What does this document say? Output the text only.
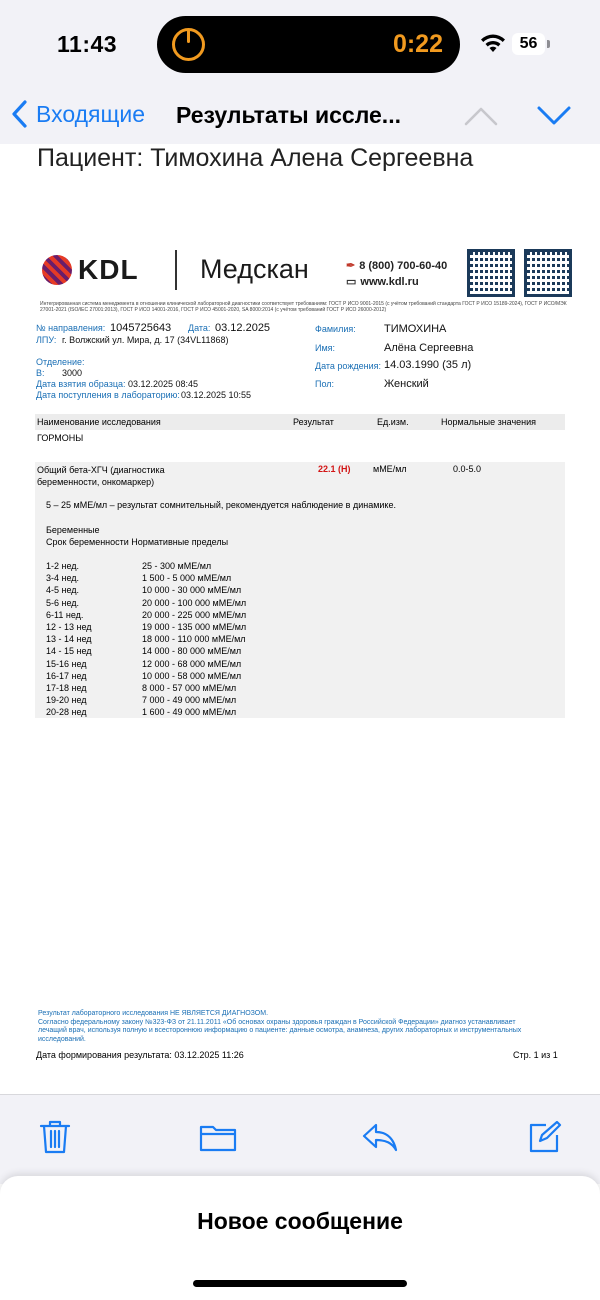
11:43	0:22	56
Входящие Результаты иссле...
Пациент: Тимохина Алена Сергеевна
KDL Медскан
✒	8 (800) 700-60-40
▭ www.kdl.ru
Интегрированная система менеджмента в отношении клинической лабораторной диагностики соответствует требованиям: ГОСТ Р ИСО 9001-2015 (с учётом требований стандарта ГОСТ Р ИСО 15189-2024), ГОСТ Р ИСО/МЭК 27001-2021 (ISO/IEC 27001:2013), ГОСТ Р ИСО 14001-2016, ГОСТ Р ИСО 45001-2020, SA 8000:2014 (с учётом требований ГОСТ Р ИСО 26000-2012)
№ направления: 1045725643 Дата: 03.12.2025
ЛПУ: г. Волжский ул. Мира, д. 17 (34VL11868)
Отделение:
В: 3000
Дата взятия образца: 03.12.2025 08:45
Дата поступления в лабораторию: 03.12.2025 10:55
Фамилия:	ТИМОХИНА
Имя:	Алёна Сергеевна
Дата рождения: 14.03.1990 (35 л)
Пол:	Женский
Наименование исследования	Результат	Ед.изм.	Нормальные значения
ГОРМОНЫ
Общий бета-ХГЧ (диагностика беременности, онкомаркер)
22.1 (Н) мМЕ/мл	0.0-5.0
5 – 25 мМЕ/мл – результат сомнительный, рекомендуется наблюдение в динамике.
Беременные
Срок беременности Нормативные пределы
1-2 нед.	25 - 300 мМЕ/мл
3-4 нед.	1 500 - 5 000 мМЕ/мл
4-5 нед.	10 000 - 30 000 мМЕ/мл
5-6 нед.	20 000 - 100 000 мМЕ/мл
6-11 нед.	20 000 - 225 000 мМЕ/мл
12 - 13 нед	19 000 - 135 000 мМЕ/мл
13 - 14 нед	18 000 - 110 000 мМЕ/мл
14 - 15 нед	14 000 - 80 000 мМЕ/мл
15-16 нед	12 000 - 68 000 мМЕ/мл
16-17 нед	10 000 - 58 000 мМЕ/мл
17-18 нед	8 000 - 57 000 мМЕ/мл
19-20 нед	7 000 - 49 000 мМЕ/мл
20-28 нед	1 600 - 49 000 мМЕ/мл
Результат лабораторного исследования НЕ ЯВЛЯЕТСЯ ДИАГНОЗОМ.
Согласно федеральному закону №323-ФЗ от 21.11.2011 «Об основах охраны здоровья граждан в Российской Федерации» диагноз устанавливает лечащий врач, используя полную и всестороннюю информацию о пациенте: данные осмотра, анамнеза, других лабораторных и инструментальных исследований.
Дата формирования результата: 03.12.2025 11:26	Стр. 1 из 1
Новое сообщение
